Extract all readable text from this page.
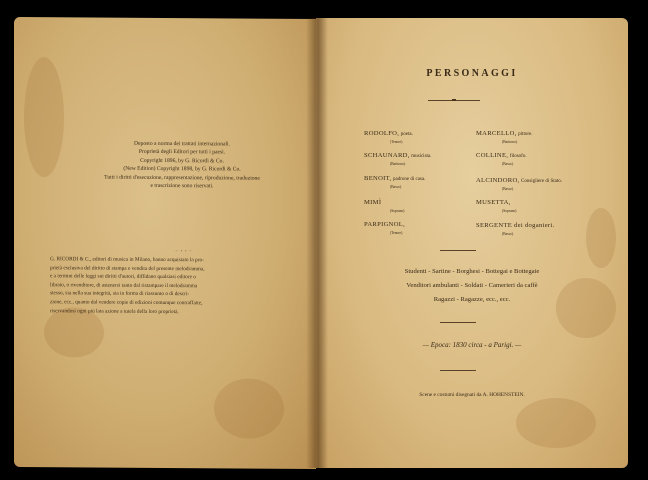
Deposto a norma dei trattati internazionali.
Proprietà degli Editori per tutti i paesi.
Copyright 1896, by G. Ricordi & Co.
(New Edition) Copyright 1898, by G. Ricordi & Co.
Tutti i diritti d'esecuzione, rappresentazione, riproduzione, traduzione
e trascrizione sono riservati.
~ • • ~
G. RICORDI & C., editori di musica in Milano, hanno acquistato la pro-
prietà esclusiva del diritto di stampa e vendita del presente melodramma,
e a termini delle leggi sui diritti d'autori, diffidano qualsiasi editore o
libraio, o rivenditore, di astenersi tanto dal ristampare il melodramma
stesso, sia nella sua integrità, sia in forma di riassunto o di descri-
zione, ecc., quanto dal vendere copie di edizioni comunque contraffatte,
riservandosi ogni più lata azione a tutela della loro proprietà.
PERSONAGGI
RODOLFO, poeta.
(Tenore).
MARCELLO, pittore.
(Baritono).
SCHAUNARD, musicista.
(Baritono).
COLLINE, filosofo.
(Basso).
BENOIT, padrone di casa.
(Basso).
ALCINDORO, Consigliere di Stato.
(Basso).
MIMÌ
(Soprano).
MUSETTA,
(Soprano).
PARPIGNOL,
(Tenore).
SERGENTE dei doganieri.
(Basso).
Studenti - Sartine - Borghesi - Bottegai e Bottegaie
Venditori ambulanti - Soldati - Camerieri da caffè
Ragazzi - Ragazze, ecc., ecc.
— Epoca: 1830 circa - a Parigi. —
Scene e costumi disegnati da A. HOHENSTEIN.
